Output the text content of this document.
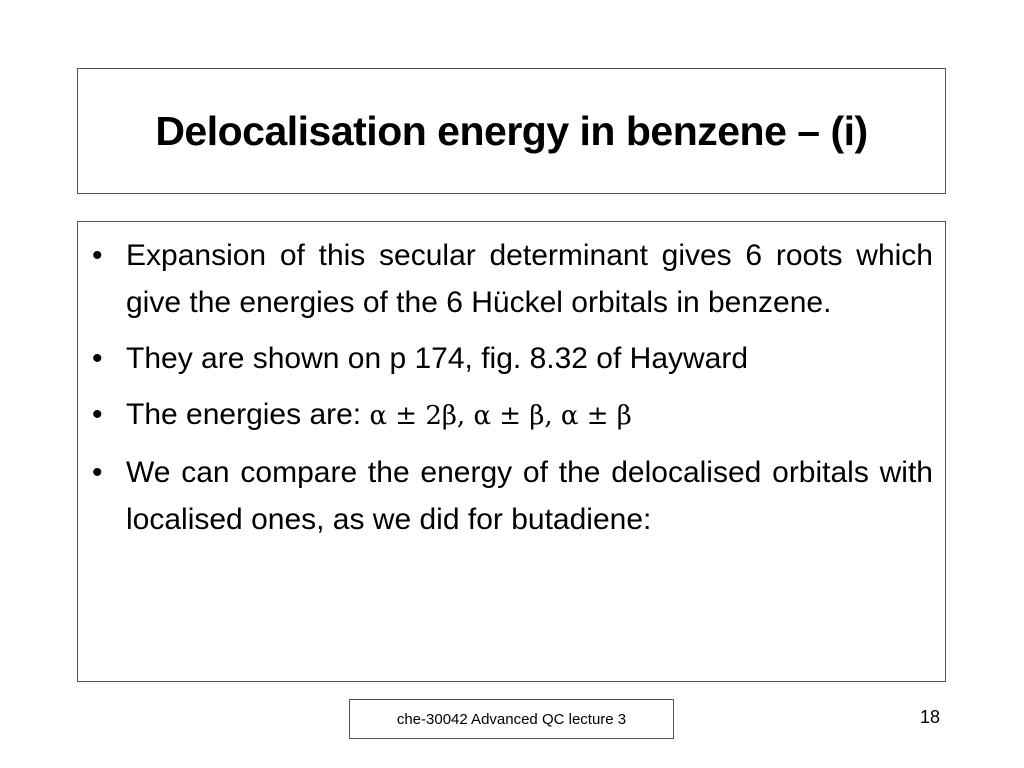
Delocalisation energy in benzene – (i)
• Expansion of this secular determinant gives 6 roots which give the energies of the 6 Hückel orbitals in benzene.
• They are shown on p 174, fig. 8.32 of Hayward
• The energies are: α ± 2β, α ± β, α ± β
• We can compare the energy of the delocalised orbitals with localised ones, as we did for butadiene:
che-30042 Advanced QC lecture 3	18
